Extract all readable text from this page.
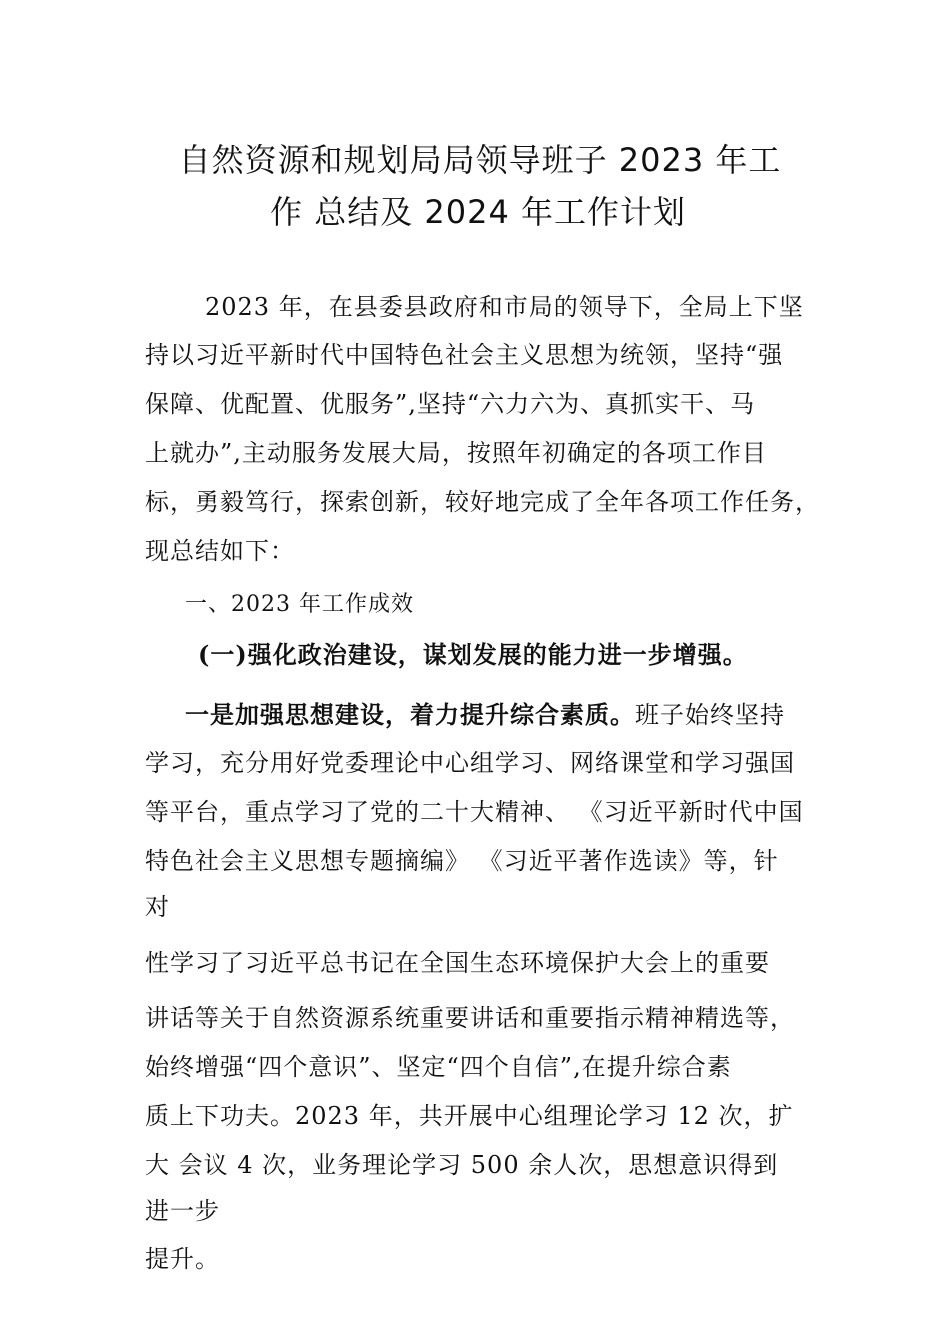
自然资源和规划局局领导班子 2023 年工
作 总结及 2024 年工作计划
2023 年，在县委县政府和市局的领导下，全局上下坚
持以习近平新时代中国特色社会主义思想为统领，坚持“强
保障、优配置、优服务”,坚持“六力六为、真抓实干、马
上就办”,主动服务发展大局，按照年初确定的各项工作目
标，勇毅笃行，探索创新，较好地完成了全年各项工作任务，
现总结如下：
一、2023 年工作成效
(一)强化政治建设，谋划发展的能力进一步增强。
一是加强思想建设，着力提升综合素质。班子始终坚持
学习，充分用好党委理论中心组学习、网络课堂和学习强国
等平台，重点学习了党的二十大精神、 《习近平新时代中国
特色社会主义思想专题摘编》 《习近平著作选读》等，针
对
性学习了习近平总书记在全国生态环境保护大会上的重要
讲话等关于自然资源系统重要讲话和重要指示精神精选等，
始终增强“四个意识”、坚定“四个自信”,在提升综合素
质上下功夫。2023 年，共开展中心组理论学习 12 次，扩
大 会议 4 次，业务理论学习 500 余人次，思想意识得到
进一步
提升。
